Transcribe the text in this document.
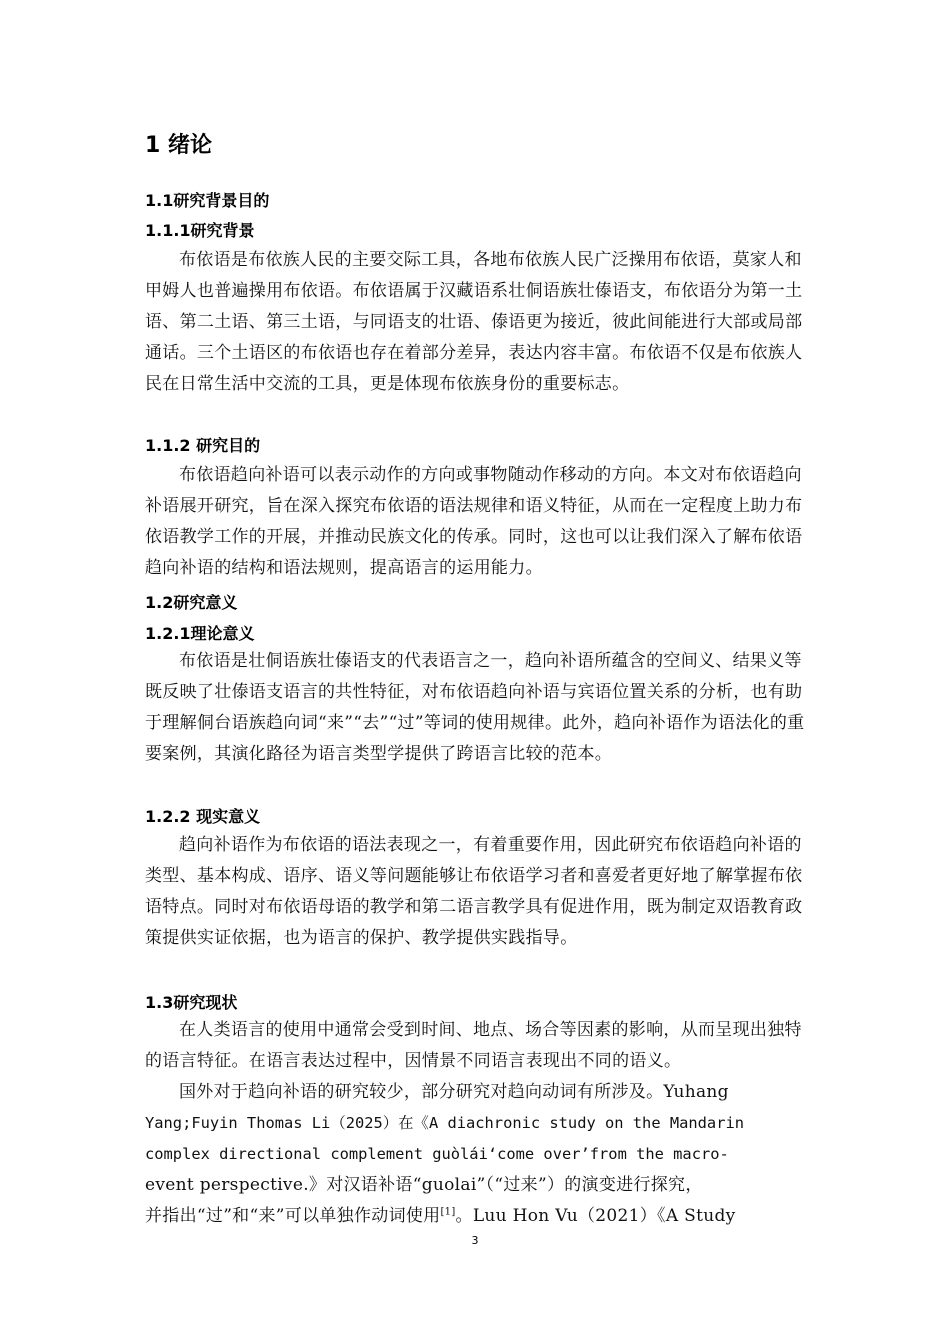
1 绪论
1.1研究背景目的
1.1.1研究背景

布依语是布依族人民的主要交际工具，各地布依族人民广泛操用布依语，莫家人和甲姆人也普遍操用布依语。布依语属于汉藏语系壮侗语族壮傣语支，布依语分为第一土语、第二土语、第三土语，与同语支的壮语、傣语更为接近，彼此间能进行大部或局部通话。三个土语区的布依语也存在着部分差异，表达内容丰富。布依语不仅是布依族人民在日常生活中交流的工具，更是体现布依族身份的重要标志。

1.1.2 研究目的

布依语趋向补语可以表示动作的方向或事物随动作移动的方向。本文对布依语趋向补语展开研究，旨在深入探究布依语的语法规律和语义特征，从而在一定程度上助力布依语教学工作的开展，并推动民族文化的传承。同时，这也可以让我们深入了解布依语趋向补语的结构和语法规则，提高语言的运用能力。

1.2研究意义
1.2.1理论意义

布依语是壮侗语族壮傣语支的代表语言之一，趋向补语所蕴含的空间义、结果义等既反映了壮傣语支语言的共性特征，对布依语趋向补语与宾语位置关系的分析，也有助于理解侗台语族趋向词“来”“去”“过”等词的使用规律。此外，趋向补语作为语法化的重要案例，其演化路径为语言类型学提供了跨语言比较的范本。

1.2.2 现实意义

趋向补语作为布依语的语法表现之一，有着重要作用，因此研究布依语趋向补语的类型、基本构成、语序、语义等问题能够让布依语学习者和喜爱者更好地了解掌握布依语特点。同时对布依语母语的教学和第二语言教学具有促进作用，既为制定双语教育政策提供实证依据，也为语言的保护、教学提供实践指导。

1.3研究现状

在人类语言的使用中通常会受到时间、地点、场合等因素的影响，从而呈现出独特的语言特征。在语言表达过程中，因情景不同语言表现出不同的语义。

国外对于趋向补语的研究较少，部分研究对趋向动词有所涉及。Yuhang

Yang;Fuyin Thomas Li（2025）在《A diachronic study on the Mandarin

complex directional complement guòlái‘come over’from the macro-

event perspective.》对汉语补语“guolai”（“过来”）的演变进行探究，

并指出“过”和“来”可以单独作动词使用[1]。Luu Hon Vu（2021）《A Study

3
